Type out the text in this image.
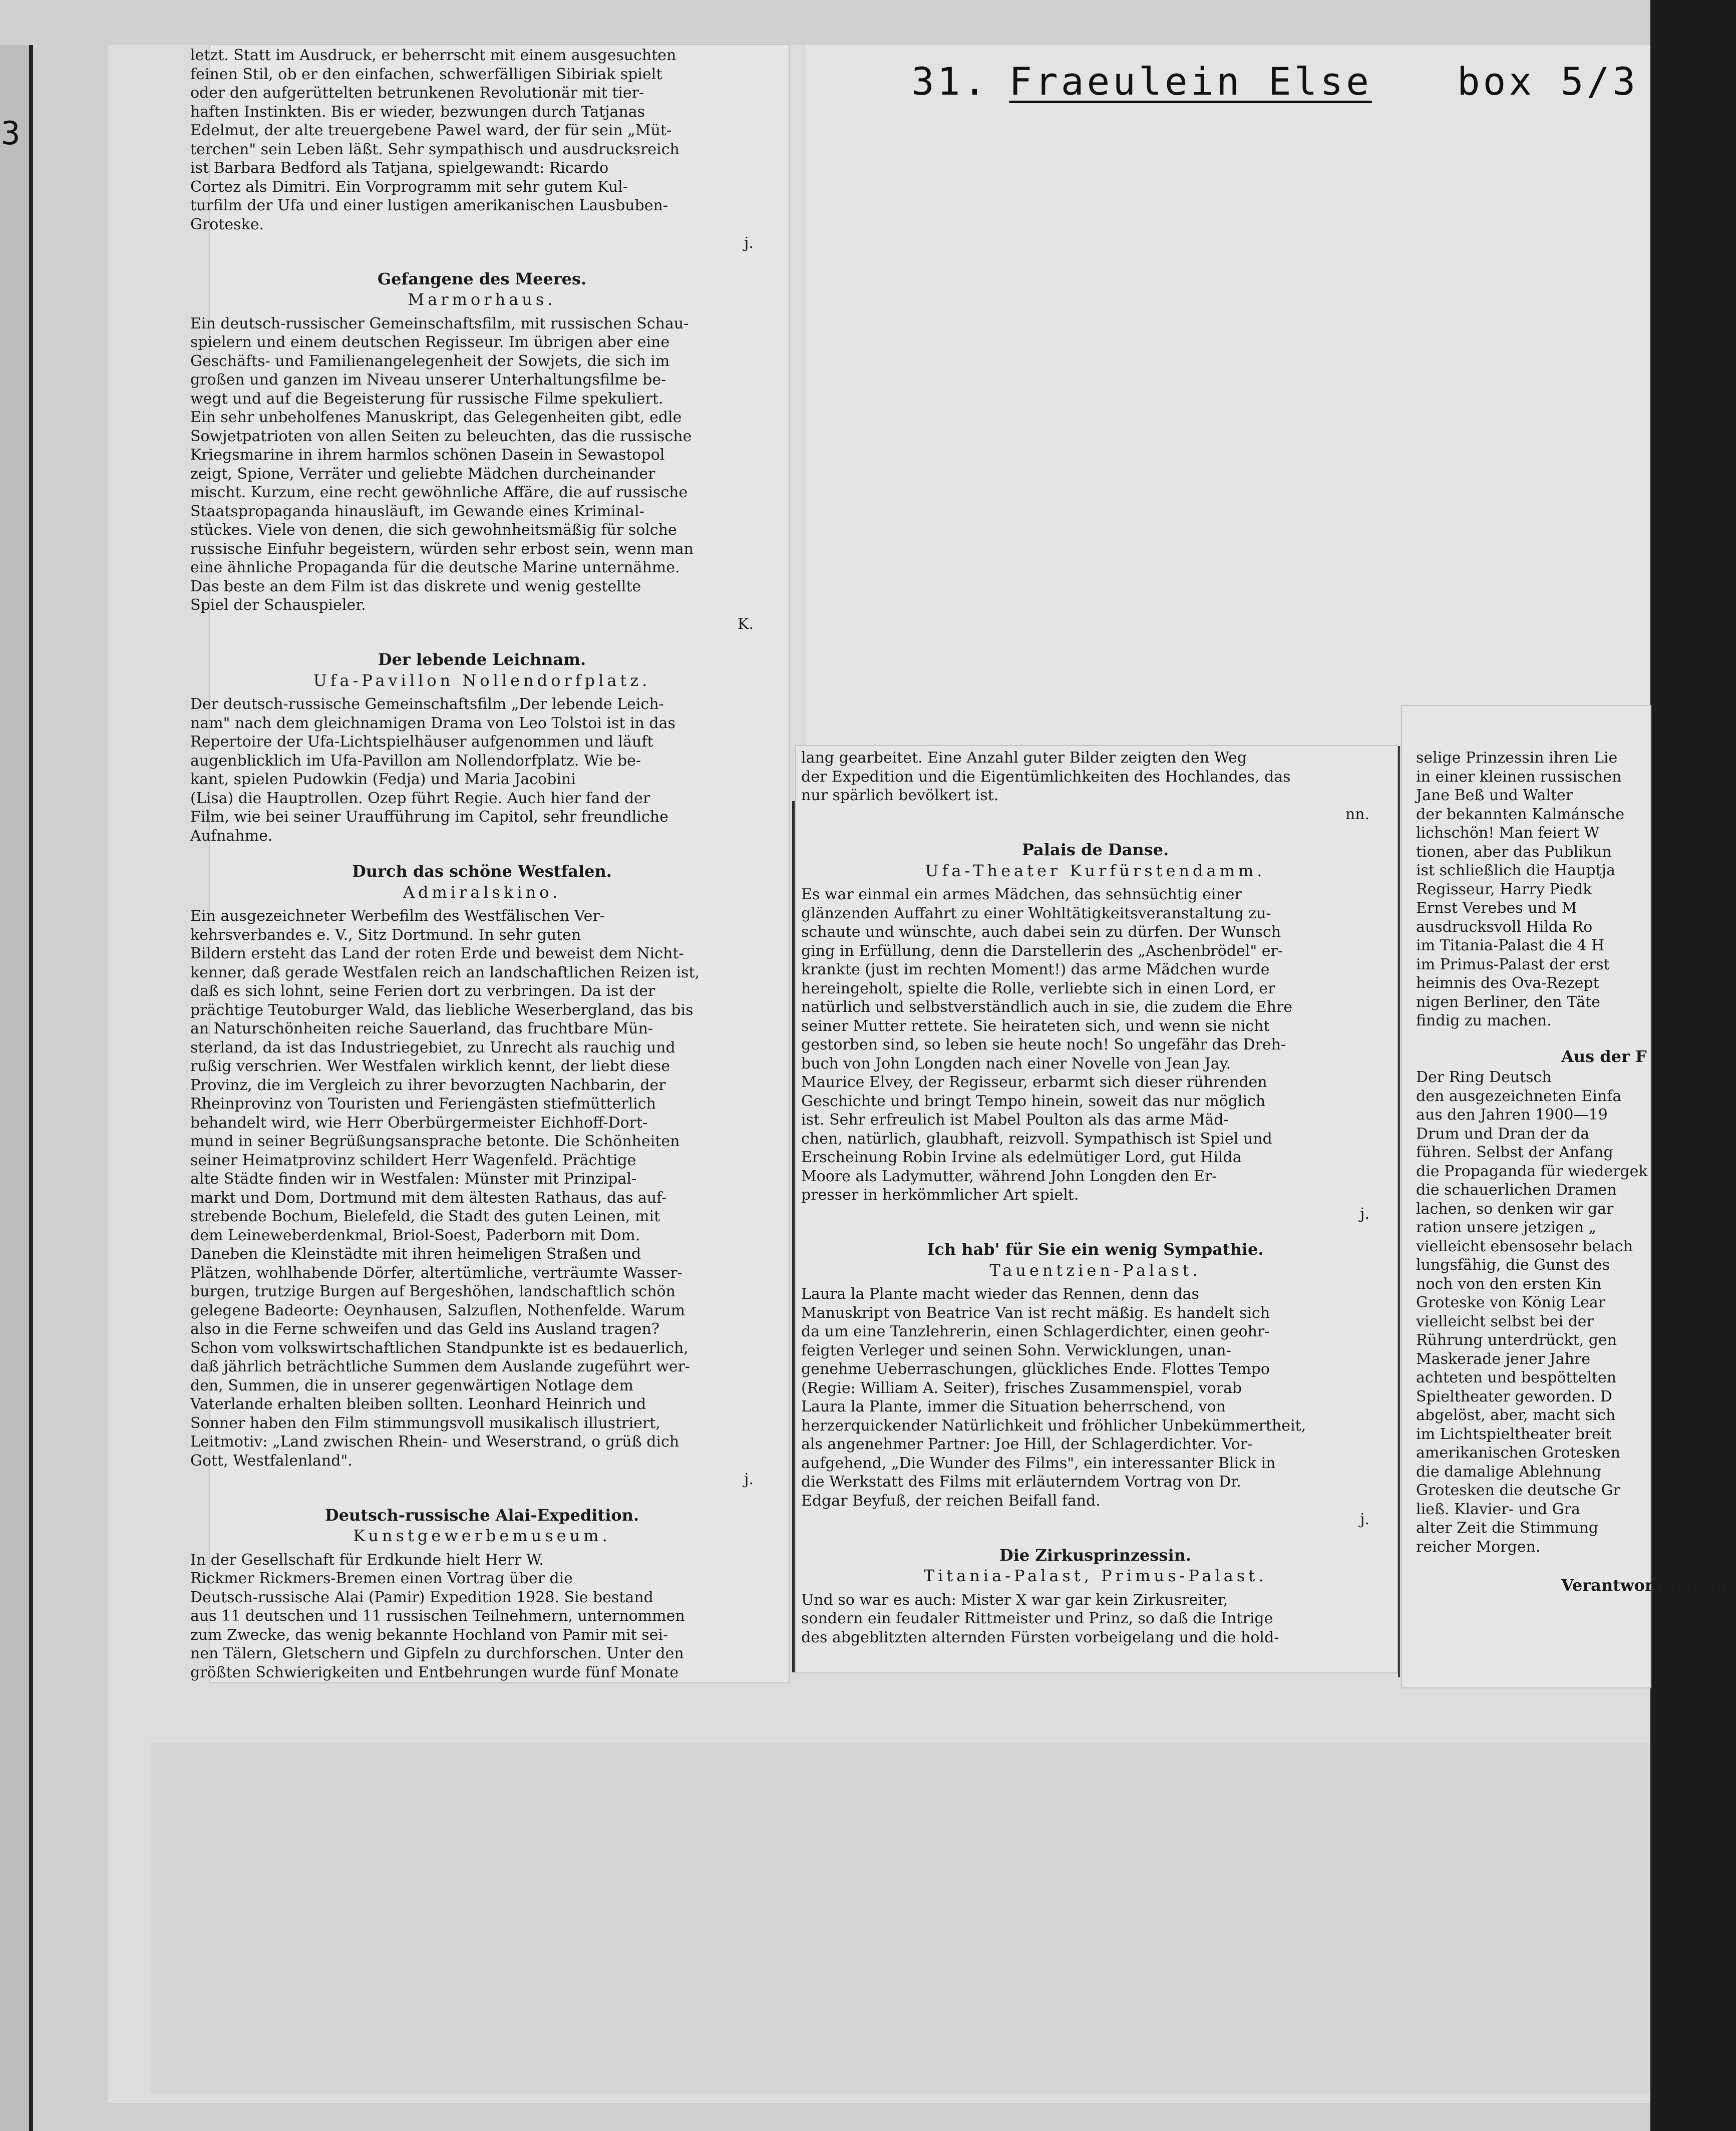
3
31. Fraeulein Else box 5/3

letzt. Statt im Ausdruck, er beherrscht mit einem ausgesuchten

feinen Stil, ob er den einfachen, schwerfälligen Sibiriak spielt

oder den aufgerüttelten betrunkenen Revolutionär mit tier-

haften Instinkten. Bis er wieder, bezwungen durch Tatjanas

Edelmut, der alte treuergebene Pawel ward, der für sein „Müt-

terchen" sein Leben läßt. Sehr sympathisch und ausdrucksreich

ist Barbara Bedford als Tatjana, spielgewandt: Ricardo

Cortez als Dimitri. Ein Vorprogramm mit sehr gutem Kul-

turfilm der Ufa und einer lustigen amerikanischen Lausbuben-

Groteske.

j.

Gefangene des Meeres.

Marmorhaus.

Ein deutsch-russischer Gemeinschaftsfilm, mit russischen Schau-

spielern und einem deutschen Regisseur. Im übrigen aber eine

Geschäfts- und Familienangelegenheit der Sowjets, die sich im

großen und ganzen im Niveau unserer Unterhaltungsfilme be-

wegt und auf die Begeisterung für russische Filme spekuliert.

Ein sehr unbeholfenes Manuskript, das Gelegenheiten gibt, edle

Sowjetpatrioten von allen Seiten zu beleuchten, das die russische

Kriegsmarine in ihrem harmlos schönen Dasein in Sewastopol

zeigt, Spione, Verräter und geliebte Mädchen durcheinander

mischt. Kurzum, eine recht gewöhnliche Affäre, die auf russische

Staatspropaganda hinausläuft, im Gewande eines Kriminal-

stückes. Viele von denen, die sich gewohnheitsmäßig für solche

russische Einfuhr begeistern, würden sehr erbost sein, wenn man

eine ähnliche Propaganda für die deutsche Marine unternähme.

Das beste an dem Film ist das diskrete und wenig gestellte

Spiel der Schauspieler.

K.

Der lebende Leichnam.

Ufa-Pavillon Nollendorfplatz.

Der deutsch-russische Gemeinschaftsfilm „Der lebende Leich-

nam" nach dem gleichnamigen Drama von Leo Tolstoi ist in das

Repertoire der Ufa-Lichtspielhäuser aufgenommen und läuft

augenblicklich im Ufa-Pavillon am Nollendorfplatz. Wie be-

kant, spielen Pudowkin (Fedja) und Maria Jacobini

(Lisa) die Hauptrollen. Ozep führt Regie. Auch hier fand der

Film, wie bei seiner Uraufführung im Capitol, sehr freundliche

Aufnahme.

Durch das schöne Westfalen.

Admiralskino.

Ein ausgezeichneter Werbefilm des Westfälischen Ver-

kehrsverbandes e. V., Sitz Dortmund. In sehr guten

Bildern ersteht das Land der roten Erde und beweist dem Nicht-

kenner, daß gerade Westfalen reich an landschaftlichen Reizen ist,

daß es sich lohnt, seine Ferien dort zu verbringen. Da ist der

prächtige Teutoburger Wald, das liebliche Weserbergland, das bis

an Naturschönheiten reiche Sauerland, das fruchtbare Mün-

sterland, da ist das Industriegebiet, zu Unrecht als rauchig und

rußig verschrien. Wer Westfalen wirklich kennt, der liebt diese

Provinz, die im Vergleich zu ihrer bevorzugten Nachbarin, der

Rheinprovinz von Touristen und Feriengästen stiefmütterlich

behandelt wird, wie Herr Oberbürgermeister Eichhoff-Dort-

mund in seiner Begrüßungsansprache betonte. Die Schönheiten

seiner Heimatprovinz schildert Herr Wagenfeld. Prächtige

alte Städte finden wir in Westfalen: Münster mit Prinzipal-

markt und Dom, Dortmund mit dem ältesten Rathaus, das auf-

strebende Bochum, Bielefeld, die Stadt des guten Leinen, mit

dem Leineweberdenkmal, Briol-Soest, Paderborn mit Dom.

Daneben die Kleinstädte mit ihren heimeligen Straßen und

Plätzen, wohlhabende Dörfer, altertümliche, verträumte Wasser-

burgen, trutzige Burgen auf Bergeshöhen, landschaftlich schön

gelegene Badeorte: Oeynhausen, Salzuflen, Nothenfelde. Warum

also in die Ferne schweifen und das Geld ins Ausland tragen?

Schon vom volkswirtschaftlichen Standpunkte ist es bedauerlich,

daß jährlich beträchtliche Summen dem Auslande zugeführt wer-

den, Summen, die in unserer gegenwärtigen Notlage dem

Vaterlande erhalten bleiben sollten. Leonhard Heinrich und

Sonner haben den Film stimmungsvoll musikalisch illustriert,

Leitmotiv: „Land zwischen Rhein- und Weserstrand, o grüß dich

Gott, Westfalenland".

j.

Deutsch-russische Alai-Expedition.

Kunstgewerbemuseum.

In der Gesellschaft für Erdkunde hielt Herr W.

Rickmer Rickmers-Bremen einen Vortrag über die

Deutsch-russische Alai (Pamir) Expedition 1928. Sie bestand

aus 11 deutschen und 11 russischen Teilnehmern, unternommen

zum Zwecke, das wenig bekannte Hochland von Pamir mit sei-

nen Tälern, Gletschern und Gipfeln zu durchforschen. Unter den

größten Schwierigkeiten und Entbehrungen wurde fünf Monate

lang gearbeitet. Eine Anzahl guter Bilder zeigten den Weg

der Expedition und die Eigentümlichkeiten des Hochlandes, das

nur spärlich bevölkert ist.

nn.

Palais de Danse.

Ufa-Theater Kurfürstendamm.

Es war einmal ein armes Mädchen, das sehnsüchtig einer

glänzenden Auffahrt zu einer Wohltätigkeitsveranstaltung zu-

schaute und wünschte, auch dabei sein zu dürfen. Der Wunsch

ging in Erfüllung, denn die Darstellerin des „Aschenbrödel" er-

krankte (just im rechten Moment!) das arme Mädchen wurde

hereingeholt, spielte die Rolle, verliebte sich in einen Lord, er

natürlich und selbstverständlich auch in sie, die zudem die Ehre

seiner Mutter rettete. Sie heirateten sich, und wenn sie nicht

gestorben sind, so leben sie heute noch! So ungefähr das Dreh-

buch von John Longden nach einer Novelle von Jean Jay.

Maurice Elvey, der Regisseur, erbarmt sich dieser rührenden

Geschichte und bringt Tempo hinein, soweit das nur möglich

ist. Sehr erfreulich ist Mabel Poulton als das arme Mäd-

chen, natürlich, glaubhaft, reizvoll. Sympathisch ist Spiel und

Erscheinung Robin Irvine als edelmütiger Lord, gut Hilda

Moore als Ladymutter, während John Longden den Er-

presser in herkömmlicher Art spielt.

j.

Ich hab' für Sie ein wenig Sympathie.

Tauentzien-Palast.

Laura la Plante macht wieder das Rennen, denn das

Manuskript von Beatrice Van ist recht mäßig. Es handelt sich

da um eine Tanzlehrerin, einen Schlagerdichter, einen geohr-

feigten Verleger und seinen Sohn. Verwicklungen, unan-

genehme Ueberraschungen, glückliches Ende. Flottes Tempo

(Regie: William A. Seiter), frisches Zusammenspiel, vorab

Laura la Plante, immer die Situation beherrschend, von

herzerquickender Natürlichkeit und fröhlicher Unbekümmertheit,

als angenehmer Partner: Joe Hill, der Schlagerdichter. Vor-

aufgehend, „Die Wunder des Films", ein interessanter Blick in

die Werkstatt des Films mit erläuterndem Vortrag von Dr.

Edgar Beyfuß, der reichen Beifall fand.

j.

Die Zirkusprinzessin.

Titania-Palast, Primus-Palast.

Und so war es auch: Mister X war gar kein Zirkusreiter,

sondern ein feudaler Rittmeister und Prinz, so daß die Intrige

des abgeblitzten alternden Fürsten vorbeigelang und die hold-

selige Prinzessin ihren Lie

in einer kleinen russischen

Jane Beß und Walter

der bekannten Kalmánsche

lichschön! Man feiert W

tionen, aber das Publikun

ist schließlich die Hauptja

Regisseur, Harry Piedk

Ernst Verebes und M

ausdrucksvoll Hilda Ro

im Titania-Palast die 4 H

im Primus-Palast der erst

heimnis des Ova-Rezept

nigen Berliner, den Täte

findig zu machen.

Aus der F

Der Ring Deutsch

den ausgezeichneten Einfa

aus den Jahren 1900—19

Drum und Dran der da

führen. Selbst der Anfang

die Propaganda für wiedergek

die schauerlichen Dramen

lachen, so denken wir gar

ration unsere jetzigen „

vielleicht ebensosehr belach

lungsfähig, die Gunst des

noch von den ersten Kin

Groteske von König Lear

vielleicht selbst bei der

Rührung unterdrückt, gen

Maskerade jener Jahre

achteten und bespöttelten

Spieltheater geworden. D

abgelöst, aber, macht sich

im Lichtspieltheater breit

amerikanischen Grotesken

die damalige Ablehnung

Grotesken die deutsche Gr

ließ. Klavier- und Gra

alter Zeit die Stimmung

reicher Morgen.

Verantwortlich: Ign
